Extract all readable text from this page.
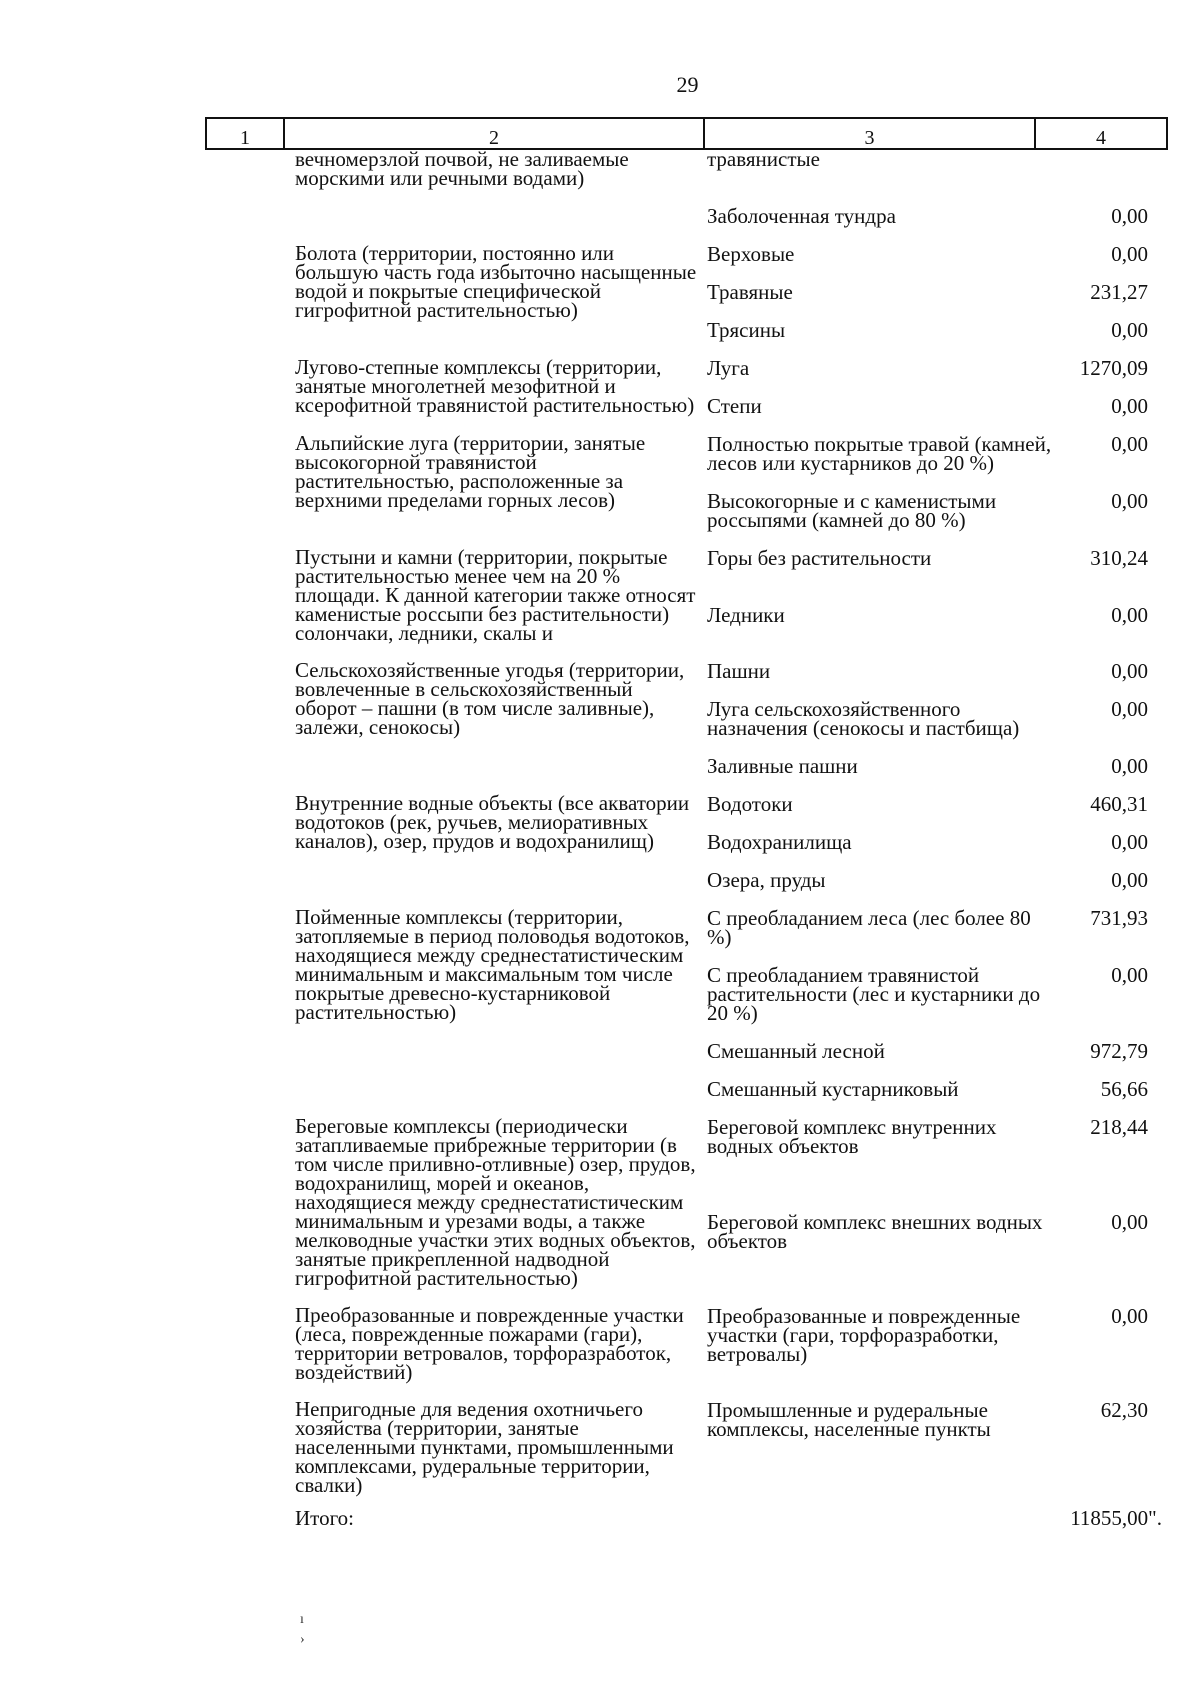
29
1	2	3	4
вечномерзлой почвой, не заливаемые морскими или речными водами)	травянистые	
	Заболоченная тундра	0,00
Болота (территории, постоянно или большую часть года избыточно насыщенные водой и покрытые специфической гигрофитной растительностью)	Верховые	0,00
	Травяные	231,27
	Трясины	0,00
Лугово-степные комплексы (территории, занятые многолетней мезофитной и ксерофитной травянистой растительностью)	Луга	1270,09
	Степи	0,00
Альпийские луга (территории, занятые высокогорной травянистой растительностью, расположенные за верхними пределами горных лесов)	Полностью покрытые травой (камней, лесов или кустарников до 20 %)	0,00
	Высокогорные и с каменистыми россыпями (камней до 80 %)	0,00
Пустыни и камни (территории, покрытые растительностью менее чем на 20 % площади. К данной категории также относят каменистые россыпи без растительности) солончаки, ледники, скалы и	Горы без растительности	310,24
	Ледники	0,00
Сельскохозяйственные угодья (территории, вовлеченные в сельскохозяйственный оборот – пашни (в том числе заливные), залежи, сенокосы)	Пашни	0,00
	Луга сельскохозяйственного назначения (сенокосы и пастбища)	0,00
	Заливные пашни	0,00
Внутренние водные объекты (все акватории водотоков (рек, ручьев, мелиоративных каналов), озер, прудов и водохранилищ)	Водотоки	460,31
	Водохранилища	0,00
	Озера, пруды	0,00
Пойменные комплексы (территории, затопляемые в период половодья водотоков, находящиеся между среднестатистическим минимальным и максимальным том числе покрытые древесно-кустарниковой растительностью)	С преобладанием леса (лес более 80 %)	731,93
	С преобладанием травянистой растительности (лес и кустарники до 20 %)	0,00
	Смешанный лесной	972,79
	Смешанный кустарниковый	56,66
Береговые комплексы (периодически затапливаемые прибрежные территории (в том числе приливно-отливные) озер, прудов, водохранилищ, морей и океанов, находящиеся между среднестатистическим минимальным и урезами воды, а также мелководные участки этих водных объектов, занятые прикрепленной надводной гигрофитной растительностью)	Береговой комплекс внутренних водных объектов	218,44
	Береговой комплекс внешних водных объектов	0,00
Преобразованные и поврежденные участки (леса, поврежденные пожарами (гари), территории ветровалов, торфоразработок, воздействий)	Преобразованные и поврежденные участки (гари, торфоразработки, ветровалы)	0,00
Непригодные для ведения охотничьего хозяйства (территории, занятые населенными пунктами, промышленными комплексами, рудеральные территории, свалки)	Промышленные и рудеральные комплексы, населенные пункты	62,30
Итого:		11855,00".
ı
›
